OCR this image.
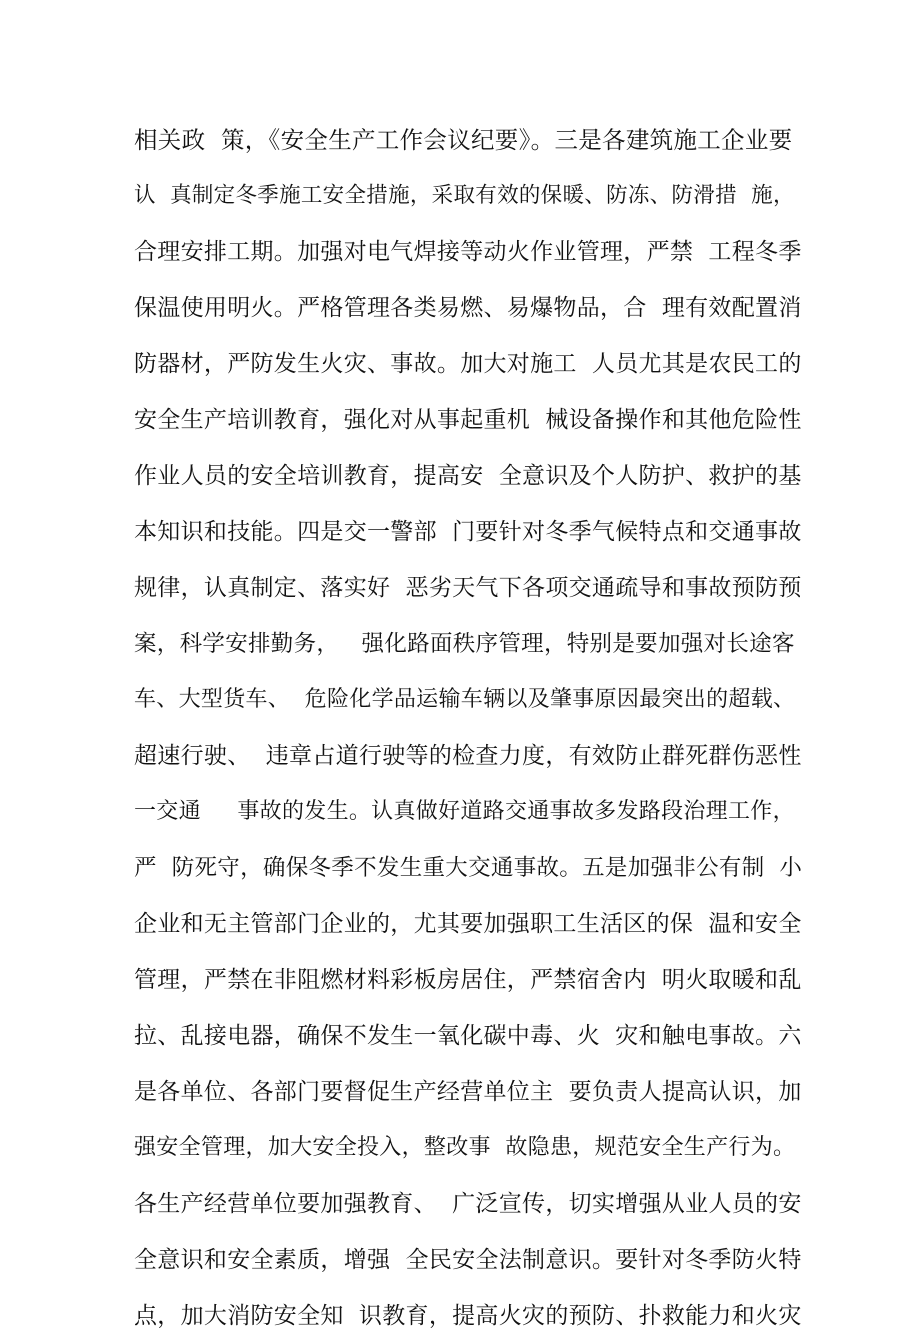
相关政  策，《安全生产工作会议纪要》。三是各建筑施工企业要
认  真制定冬季施工安全措施，采取有效的保暖、防冻、防滑措  施，
合理安排工期。加强对电气焊接等动火作业管理，严禁  工程冬季
保温使用明火。严格管理各类易燃、易爆物品，合  理有效配置消
防器材，严防发生火灾、事故。加大对施工  人员尤其是农民工的
安全生产培训教育，强化对从事起重机  械设备操作和其他危险性
作业人员的安全培训教育，提高安  全意识及个人防护、救护的基
本知识和技能。四是交一警部  门要针对冬季气候特点和交通事故
规律，认真制定、落实好  恶劣天气下各项交通疏导和事故预防预
案，科学安排勤务，   强化路面秩序管理，特别是要加强对长途客
车、大型货车、  危险化学品运输车辆以及肇事原因最突出的超载、
超速行驶、  违章占道行驶等的检查力度，有效防止群死群伤恶性
一交通     事故的发生。认真做好道路交通事故多发路段治理工作，
严  防死守，确保冬季不发生重大交通事故。五是加强非公有制  小
企业和无主管部门企业的，尤其要加强职工生活区的保  温和安全
管理，严禁在非阻燃材料彩板房居住，严禁宿舍内  明火取暖和乱
拉、乱接电器，确保不发生一氧化碳中毒、火  灾和触电事故。六
是各单位、各部门要督促生产经营单位主  要负责人提高认识，加
强安全管理，加大安全投入，整改事  故隐患，规范安全生产行为。
各生产经营单位要加强教育、  广泛宣传，切实增强从业人员的安
全意识和安全素质，增强  全民安全法制意识。要针对冬季防火特
点，加大消防安全知  识教育，提高火灾的预防、扑救能力和火灾
